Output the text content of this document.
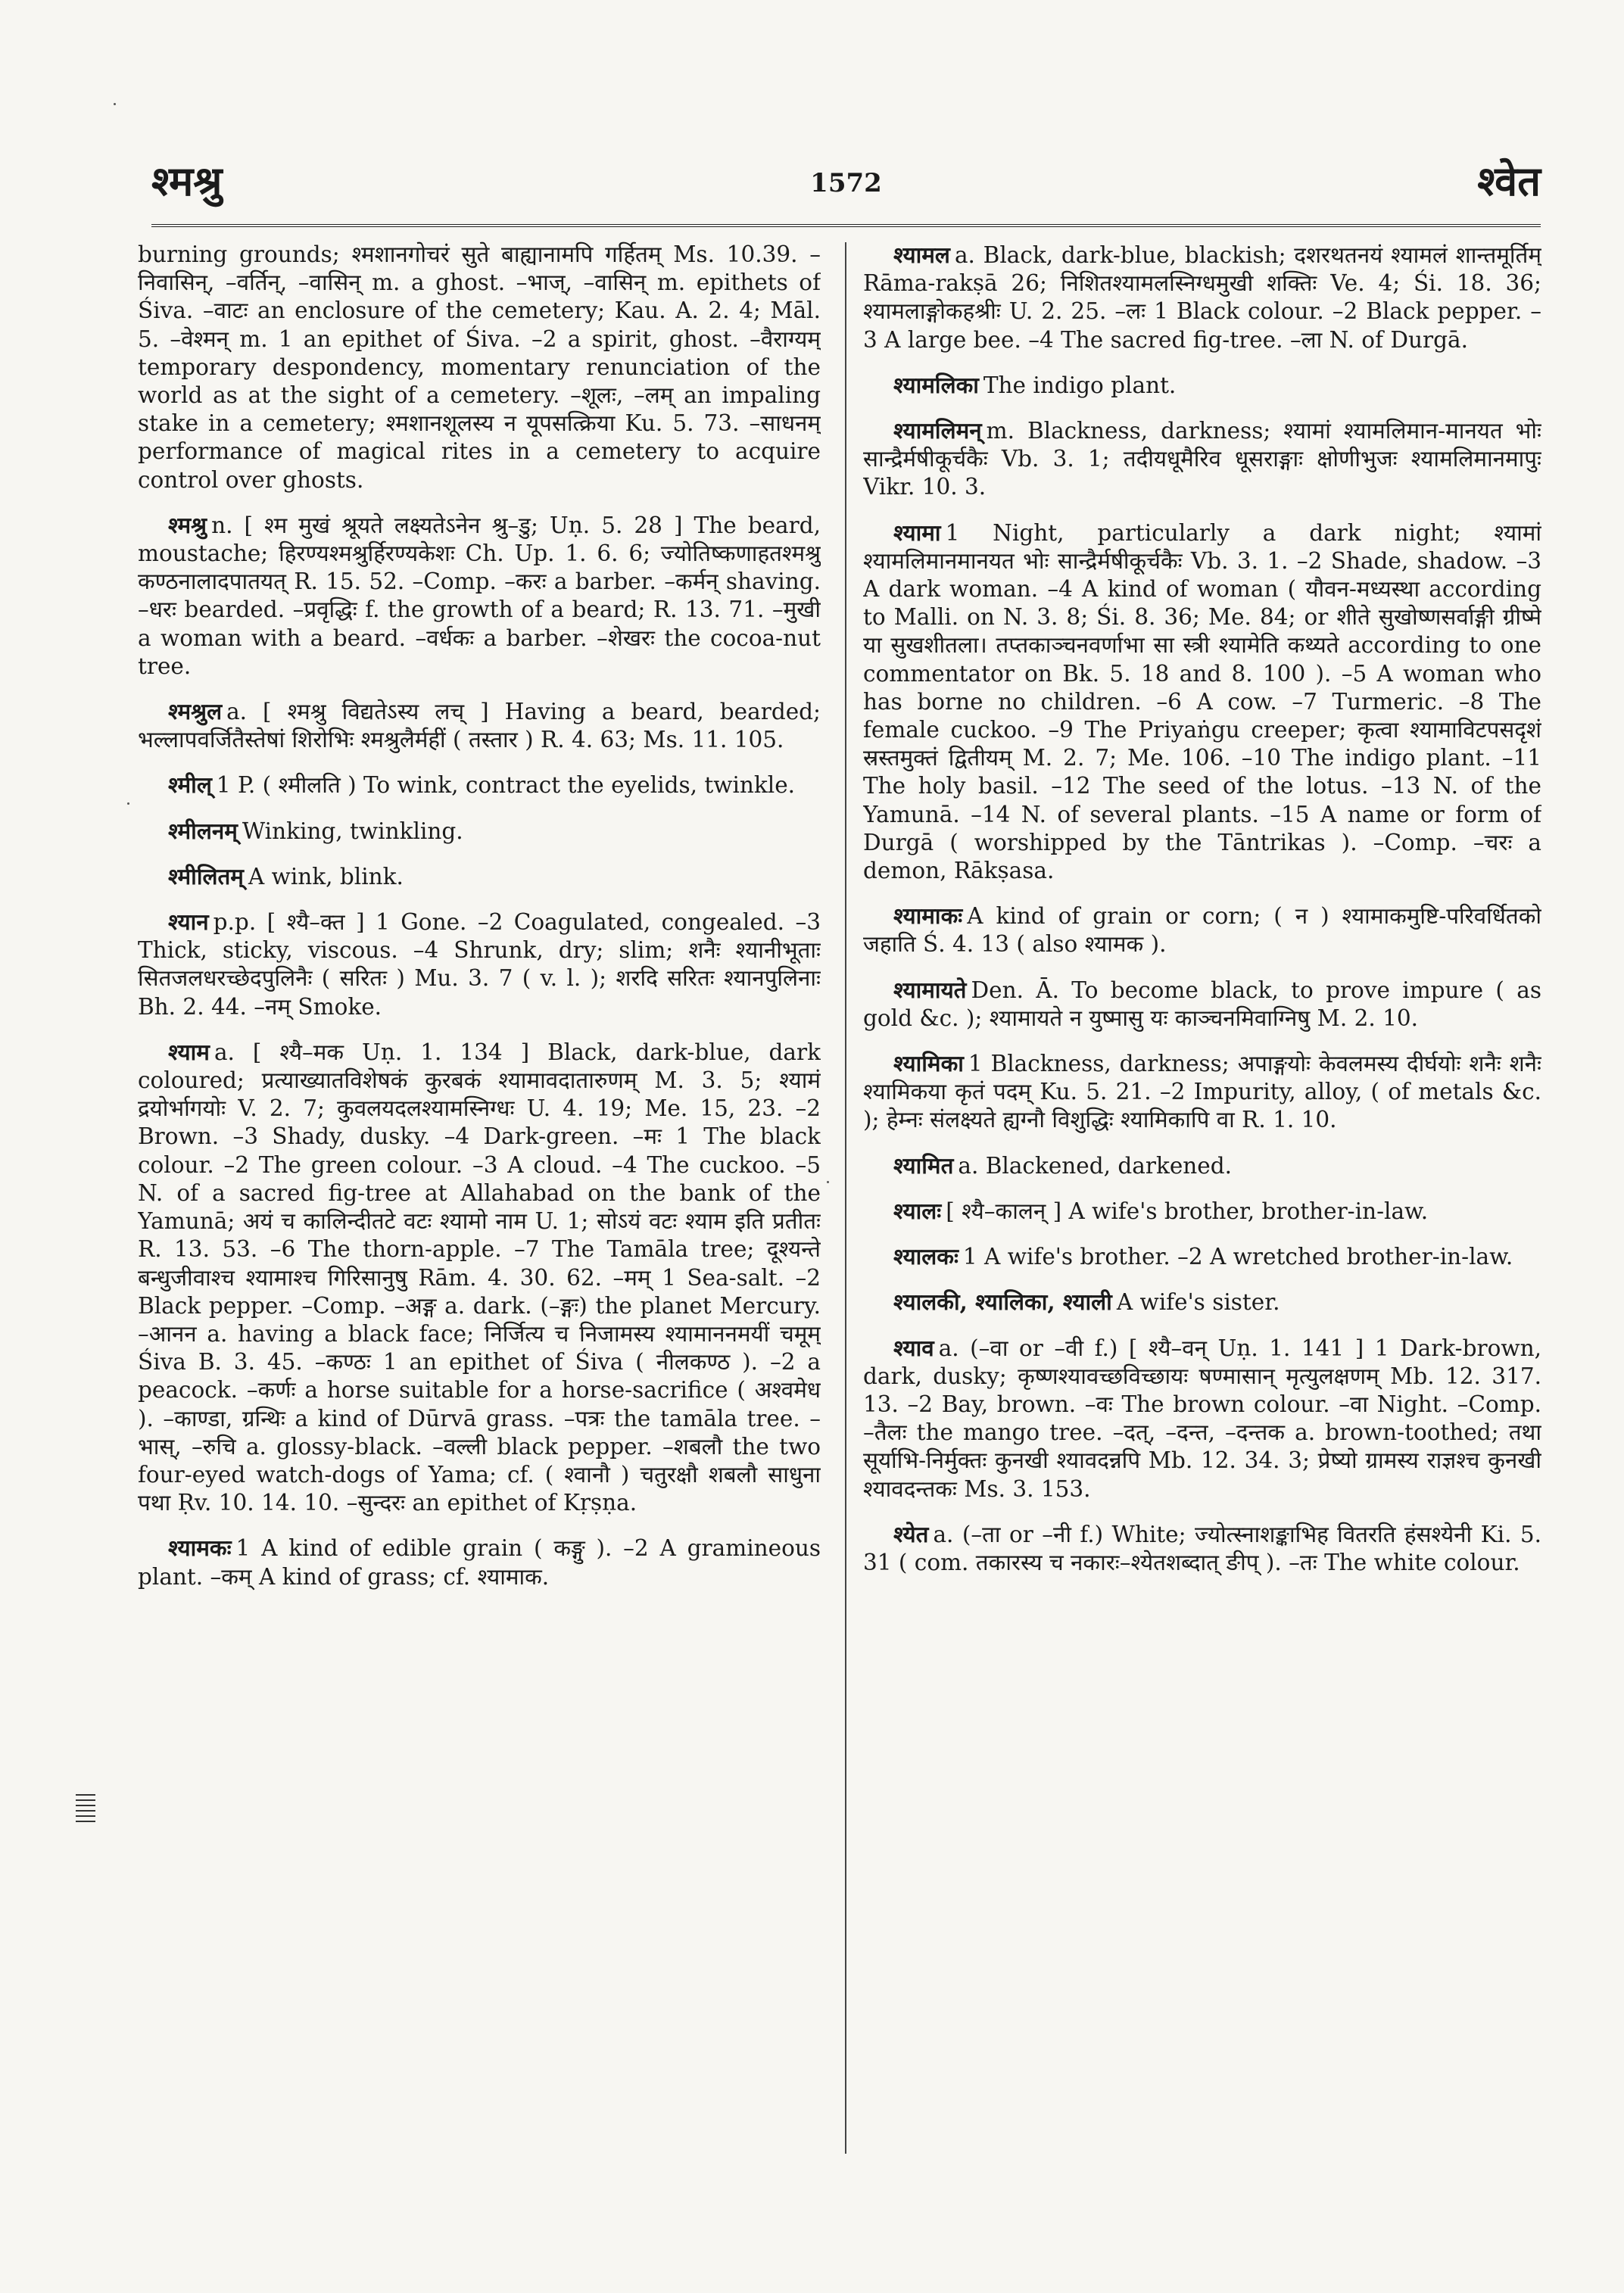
श्मश्रु	1572	श्वेत

burning grounds; श्मशानगोचरं सुते बाह्यानामपि गर्हितम् Ms. 10.39. –निवासिन्, –वर्तिन्, –वासिन् m. a ghost. –भाज्, –वासिन् m. epithets of Śiva. –वाटः an enclosure of the cemetery; Kau. A. 2. 4; Māl. 5. –वेश्मन् m. 1 an epithet of Śiva. –2 a spirit, ghost. –वैराग्यम् temporary despondency, momentary renunciation of the world as at the sight of a cemetery. –शूलः, –लम् an impaling stake in a cemetery; श्मशानशूलस्य न यूपसत्क्रिया Ku. 5. 73. –साधनम् performance of magical rites in a cemetery to acquire control over ghosts.

श्मश्रु n. [ श्म मुखं श्रूयते लक्ष्यतेऽनेन श्रु–डु; Uṇ. 5. 28 ] The beard, moustache; हिरण्यश्मश्रुर्हिरण्यकेशः Ch. Up. 1. 6. 6; ज्योतिष्कणाहतश्मश्रु कण्ठनालादपातयत् R. 15. 52. –Comp. –करः a barber. –कर्मन् shaving. –धरः bearded. –प्रवृद्धिः f. the growth of a beard; R. 13. 71. –मुखी a woman with a beard. –वर्धकः a barber. –शेखरः the cocoa-nut tree.

श्मश्रुल a. [ श्मश्रु विद्यतेऽस्य लच् ] Having a beard, bearded; भल्लापवर्जितैस्तेषां शिरोभिः श्मश्रुलैर्महीं ( तस्तार ) R. 4. 63; Ms. 11. 105.

श्मील् 1 P. ( श्मीलति ) To wink, contract the eyelids, twinkle.

श्मीलनम् Winking, twinkling.

श्मीलितम् A wink, blink.

श्यान p.p. [ श्यै–क्त ] 1 Gone. –2 Coagulated, congealed. –3 Thick, sticky, viscous. –4 Shrunk, dry; slim; शनैः श्यानीभूताः सितजलधरच्छेदपुलिनैः ( सरितः ) Mu. 3. 7 ( v. l. ); शरदि सरितः श्यानपुलिनाः Bh. 2. 44. –नम् Smoke.

श्याम a. [ श्यै–मक Uṇ. 1. 134 ] Black, dark-blue, dark coloured; प्रत्याख्यातविशेषकं कुरबकं श्यामावदातारुणम् M. 3. 5; श्यामं द्रयोर्भागयोः V. 2. 7; कुवलयदलश्यामस्निग्धः U. 4. 19; Me. 15, 23. –2 Brown. –3 Shady, dusky. –4 Dark-green. –मः 1 The black colour. –2 The green colour. –3 A cloud. –4 The cuckoo. –5 N. of a sacred fig-tree at Allahabad on the bank of the Yamunā; अयं च कालिन्दीतटे वटः श्यामो नाम U. 1; सोऽयं वटः श्याम इति प्रतीतः R. 13. 53. –6 The thorn-apple. –7 The Tamāla tree; दूश्यन्ते बन्धुजीवाश्च श्यामाश्च गिरिसानुषु Rām. 4. 30. 62. –मम् 1 Sea-salt. –2 Black pepper. –Comp. –अङ्ग a. dark. (–ङ्गः) the planet Mercury. –आनन a. having a black face; निर्जित्य च निजामस्य श्यामाननमयीं चमूम् Śiva B. 3. 45. –कण्ठः 1 an epithet of Śiva ( नीलकण्ठ ). –2 a peacock. –कर्णः a horse suitable for a horse-sacrifice ( अश्वमेध ). –काण्डा, ग्रन्थिः a kind of Dūrvā grass. –पत्रः the tamāla tree. –भास्, –रुचि a. glossy-black. –वल्ली black pepper. –शबलौ the two four-eyed watch-dogs of Yama; cf. ( श्वानौ ) चतुरक्षौ शबलौ साधुना पथा Ṛv. 10. 14. 10. –सुन्दरः an epithet of Kṛṣṇa.

श्यामकः 1 A kind of edible grain ( कङ्गु ). –2 A gramineous plant. –कम् A kind of grass; cf. श्यामाक.

श्यामल a. Black, dark-blue, blackish; दशरथतनयं श्यामलं शान्तमूर्तिम् Rāma-rakṣā 26; निशितश्यामलस्निग्धमुखी शक्तिः Ve. 4; Śi. 18. 36; श्यामलाङ्गोकहश्रीः U. 2. 25. –लः 1 Black colour. –2 Black pepper. –3 A large bee. –4 The sacred fig-tree. –ला N. of Durgā.

श्यामलिका The indigo plant.

श्यामलिमन् m. Blackness, darkness; श्यामां श्यामलिमान-मानयत भोः सान्द्रैर्मषीकूर्चकैः Vb. 3. 1; तदीयधूमैरिव धूसराङ्गाः क्षोणीभुजः श्यामलिमानमापुः Vikr. 10. 3.

श्यामा 1 Night, particularly a dark night; श्यामां श्यामलिमानमानयत भोः सान्द्रैर्मषीकूर्चकैः Vb. 3. 1. –2 Shade, shadow. –3 A dark woman. –4 A kind of woman ( यौवन-मध्यस्था according to Malli. on N. 3. 8; Śi. 8. 36; Me. 84; or शीते सुखोष्णसर्वाङ्गी ग्रीष्मे या सुखशीतला। तप्तकाञ्चनवर्णाभा सा स्त्री श्यामेति कथ्यते according to one commentator on Bk. 5. 18 and 8. 100 ). –5 A woman who has borne no children. –6 A cow. –7 Turmeric. –8 The female cuckoo. –9 The Priyaṅgu creeper; कृत्वा श्यामाविटपसदृशं स्रस्तमुक्तं द्वितीयम् M. 2. 7; Me. 106. –10 The indigo plant. –11 The holy basil. –12 The seed of the lotus. –13 N. of the Yamunā. –14 N. of several plants. –15 A name or form of Durgā ( worshipped by the Tāntrikas ). –Comp. –चरः a demon, Rākṣasa.

श्यामाकः A kind of grain or corn; ( न ) श्यामाकमुष्टि-परिवर्धितको जहाति Ś. 4. 13 ( also श्यामक ).

श्यामायते Den. Ā. To become black, to prove impure ( as gold &c. ); श्यामायते न युष्मासु यः काञ्चनमिवाग्निषु M. 2. 10.

श्यामिका 1 Blackness, darkness; अपाङ्गयोः केवलमस्य दीर्घयोः शनैः शनैः श्यामिकया कृतं पदम् Ku. 5. 21. –2 Impurity, alloy, ( of metals &c. ); हेम्नः संलक्ष्यते ह्यग्नौ विशुद्धिः श्यामिकापि वा R. 1. 10.

श्यामित a. Blackened, darkened.

श्यालः [ श्यै–कालन् ] A wife's brother, brother-in-law.

श्यालकः 1 A wife's brother. –2 A wretched brother-in-law.

श्यालकी, श्यालिका, श्याली A wife's sister.

श्याव a. (–वा or –वी f.) [ श्यै–वन् Uṇ. 1. 141 ] 1 Dark-brown, dark, dusky; कृष्णश्यावच्छविच्छायः षण्मासान् मृत्युलक्षणम् Mb. 12. 317. 13. –2 Bay, brown. –वः The brown colour. –वा Night. –Comp. –तैलः the mango tree. –दत्, –दन्त, –दन्तक a. brown-toothed; तथा सूर्याभि-निर्मुक्तः कुनखी श्यावदन्नपि Mb. 12. 34. 3; प्रेष्यो ग्रामस्य राज्ञश्च कुनखी श्यावदन्तकः Ms. 3. 153.

श्येत a. (–ता or –नी f.) White; ज्योत्स्नाशङ्काभिह वितरति हंसश्येनी Ki. 5. 31 ( com. तकारस्य च नकारः–श्येतशब्दात् ङीप् ). –तः The white colour.
